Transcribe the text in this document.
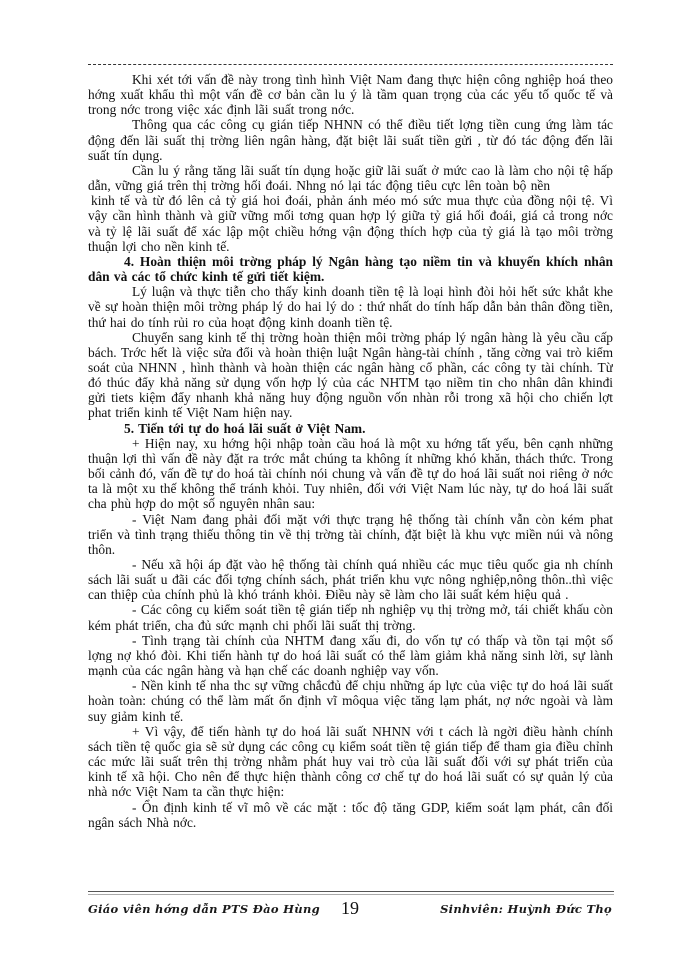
Khi xét tới vấn đề này trong tình hình Việt Nam đang thực hiện công nghiệp hoá theo hớng xuất khẩu thì một vấn đề cơ bản cần lu ý là tầm quan trọng của các yếu tố quốc tế và trong nớc trong việc xác định lãi suất trong nớc.

Thông qua các công cụ gián tiếp NHNN có thể điều tiết lợng tiền cung ứng làm tác động đến lãi suất thị trờng liên ngân hàng, đặt biệt lãi suất tiền gửi , từ đó tác động đến lãi suất tín dụng.

Cần lu ý rằng tăng lãi suất tín dụng hoặc giữ lãi suất ở mức cao là làm cho nội tệ hấp dẫn, vững giá trên thị trờng hối đoái. Nhng nó lại tác động tiêu cực lên toàn bộ nền

kinh tế và từ đó lên cả tỷ giá hoi đoái, phản ánh méo mó sức mua thực của đồng nội tệ. Vì vậy cần hình thành và giữ vững mối tơng quan hợp lý giữa tỷ giá hối đoái, giá cả trong nớc và tỷ lệ lãi suất để xác lập một chiều hớng vận động thích hợp của tỷ giá là tạo môi trờng thuận lợi cho nền kinh tế.

4. Hoàn thiện môi trờng pháp lý Ngân hàng tạo niềm tin và khuyến khích nhân dân và các tổ chức kinh tế gửi tiết kiệm.

Lý luận và thực tiễn cho thấy kinh doanh tiền tệ là loại hình đòi hỏi hết sức khắt khe về sự hoàn thiện môi trờng pháp lý do hai lý do : thứ nhất do tính hấp dẫn bản thân đồng tiền, thứ hai do tính rủi ro của hoạt động kinh doanh tiền tệ.

Chuyển sang kinh tế thị trờng hoàn thiện môi trờng pháp lý ngân hàng là yêu cầu cấp bách. Trớc hết là việc sửa đổi và hoàn thiện luật Ngân hàng-tài chính , tăng cờng vai trò kiểm soát của NHNN , hình thành và hoàn thiện các ngân hàng cổ phần, các công ty tài chính. Từ đó thúc đẩy khả năng sử dụng vốn hợp lý của các NHTM tạo niềm tin cho nhân dân khinđi gửi tiets kiệm đẩy nhanh khả năng huy động nguồn vốn nhàn rỗi trong xã hội cho chiến lợt phat triển kinh tế Việt Nam hiện nay.

5. Tiến tới tự do hoá lãi suất ở Việt Nam.

+ Hiện nay, xu hớng hội nhập toàn cầu hoá là một xu hớng tất yếu, bên cạnh những thuận lợi thì vấn đề này đặt ra trớc mắt chúng ta không ít những khó khăn, thách thức. Trong bối cảnh đó, vấn đề tự do hoá tài chính nói chung và vấn đề tự do hoá lãi suất noi riêng ở nớc ta là một xu thế không thể tránh khỏi. Tuy nhiên, đối với Việt Nam lúc này, tự do hoá lãi suất cha phù hợp do một số nguyên nhân sau:

- Việt Nam đang phải đối mặt với thực trạng hệ thống tài chính vẫn còn kém phat triển và tình trạng thiếu thông tin về thị trờng tài chính, đặt biệt là khu vực miền núi và nông thôn.

- Nếu xã hội áp đặt vào hệ thống tài chính quá nhiều các mục tiêu quốc gia nh chính sách lãi suất u đãi các đối tợng chính sách, phát triển khu vực nông nghiệp,nông thôn..thì việc can thiệp của chính phủ là khó tránh khỏi. Điều này sẽ làm cho lãi suất kém hiệu quả .

- Các công cụ kiểm soát tiền tệ gián tiếp nh nghiệp vụ thị trờng mở, tái chiết khấu còn kém phát triển, cha đủ sức mạnh chi phối lãi suất thị trờng.

- Tình trạng tài chính của NHTM đang xấu đi, do vốn tự có thấp và tồn tại một số lợng nợ khó đòi. Khi tiến hành tự do hoá lãi suất có thể làm giảm khả năng sinh lời, sự lành mạnh của các ngân hàng và hạn chế các doanh nghiệp vay vốn.

- Nền kinh tế nha thc sự vững chắcđủ để chịu những áp lực của việc tự do hoá lãi suất hoàn toàn: chúng có thể làm mất ổn định vĩ môqua việc tăng lạm phát, nợ nớc ngoài và làm suy giảm kinh tế.

+ Vì vậy, để tiến hành tự do hoá lãi suất NHNN với t cách là ngời điều hành chính sách tiền tệ quốc gia sẽ sử dụng các công cụ kiểm soát tiền tệ gián tiếp để tham gia điều chỉnh các mức lãi suất trên thị trờng nhằm phát huy vai trò của lãi suất đối với sự phát triển của kinh tế xã hội. Cho nên để thực hiện thành công cơ chế tự do hoá lãi suất có sự quản lý của nhà nớc Việt Nam ta cần thực hiện:

- Ổn định kinh tế vĩ mô về các mặt : tốc độ tăng GDP, kiểm soát lạm phát, cân đối ngân sách Nhà nớc.

Giáo viên hớng dẫn PTS Đào Hùng	19	Sinhviên: Huỳnh Đức Thọ
